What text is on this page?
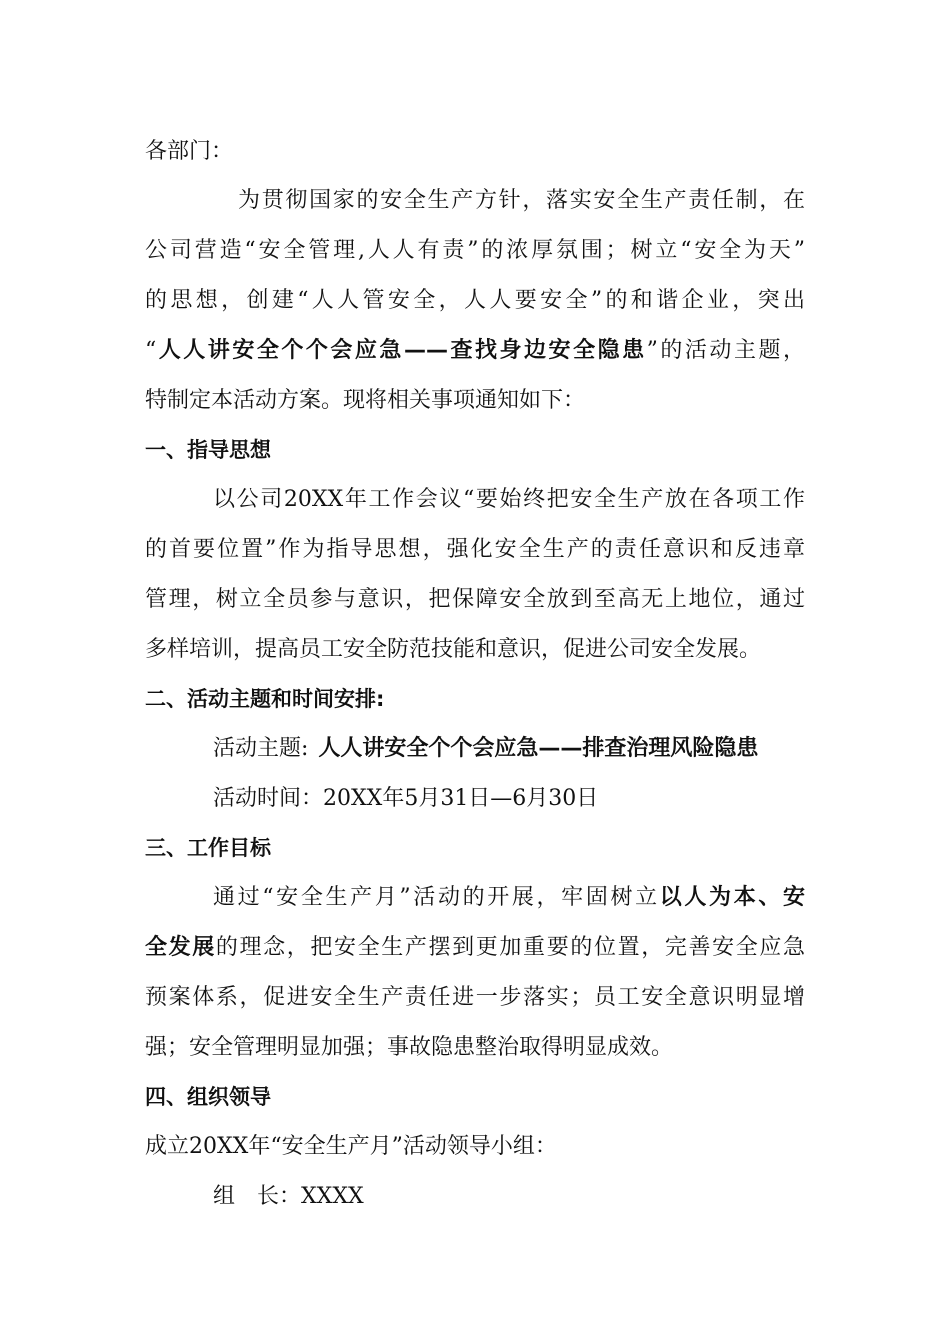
各部门：
为贯彻国家的安全生产方针，落实安全生产责任制，在
公司营造“安全管理,人人有责”的浓厚氛围；树立“安全为天”
的思想，创建“人人管安全，人人要安全”的和谐企业，突出
“人人讲安全个个会应急——查找身边安全隐患”的活动主题，
特制定本活动方案。现将相关事项通知如下：
一、指导思想
以公司20XX年工作会议“要始终把安全生产放在各项工作
的首要位置”作为指导思想，强化安全生产的责任意识和反违章
管理，树立全员参与意识，把保障安全放到至高无上地位，通过
多样培训，提高员工安全防范技能和意识，促进公司安全发展。
二、活动主题和时间安排:
活动主题: 人人讲安全个个会应急——排查治理风险隐患
活动时间：20XX年5月31日—6月30日
三、工作目标
通过“安全生产月”活动的开展，牢固树立以人为本、安
全发展的理念，把安全生产摆到更加重要的位置，完善安全应急
预案体系，促进安全生产责任进一步落实；员工安全意识明显增
强；安全管理明显加强；事故隐患整治取得明显成效。
四、组织领导
成立20XX年“安全生产月”活动领导小组：
组　长：XXXX
